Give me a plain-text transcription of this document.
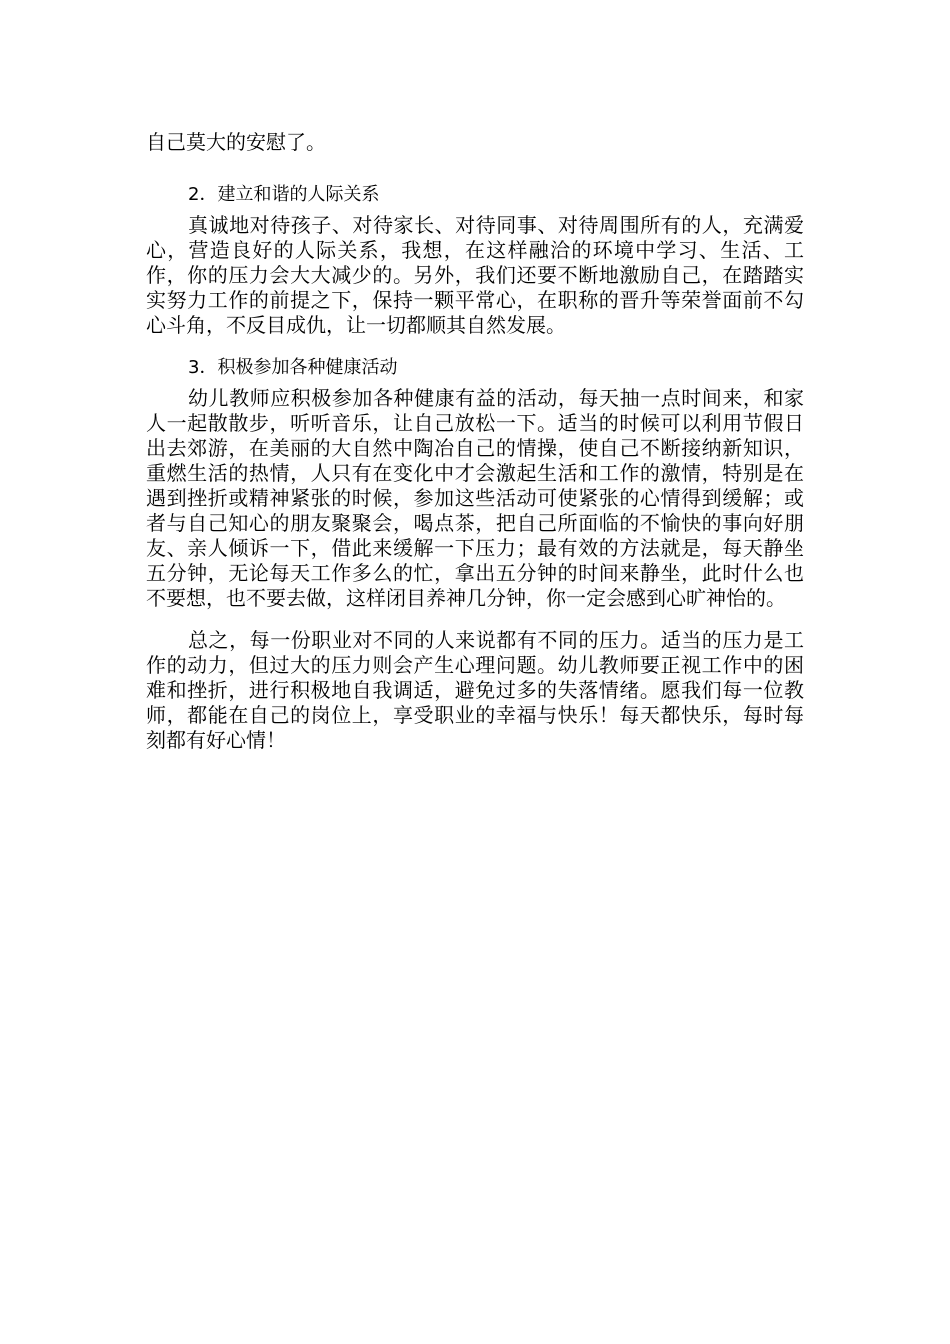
自己莫大的安慰了。

2．建立和谐的人际关系

真诚地对待孩子、对待家长、对待同事、对待周围所有的人，充满爱心，营造良好的人际关系，我想，在这样融洽的环境中学习、生活、工作，你的压力会大大减少的。另外，我们还要不断地激励自己，在踏踏实实努力工作的前提之下，保持一颗平常心，在职称的晋升等荣誉面前不勾心斗角，不反目成仇，让一切都顺其自然发展。

3．积极参加各种健康活动

幼儿教师应积极参加各种健康有益的活动，每天抽一点时间来，和家人一起散散步，听听音乐，让自己放松一下。适当的时候可以利用节假日出去郊游，在美丽的大自然中陶冶自己的情操，使自己不断接纳新知识，重燃生活的热情，人只有在变化中才会激起生活和工作的激情，特别是在遇到挫折或精神紧张的时候，参加这些活动可使紧张的心情得到缓解；或者与自己知心的朋友聚聚会，喝点茶，把自己所面临的不愉快的事向好朋友、亲人倾诉一下，借此来缓解一下压力；最有效的方法就是，每天静坐五分钟，无论每天工作多么的忙，拿出五分钟的时间来静坐，此时什么也不要想，也不要去做，这样闭目养神几分钟，你一定会感到心旷神怡的。

总之，每一份职业对不同的人来说都有不同的压力。适当的压力是工作的动力，但过大的压力则会产生心理问题。幼儿教师要正视工作中的困难和挫折，进行积极地自我调适，避免过多的失落情绪。愿我们每一位教师，都能在自己的岗位上，享受职业的幸福与快乐！每天都快乐，每时每刻都有好心情！
